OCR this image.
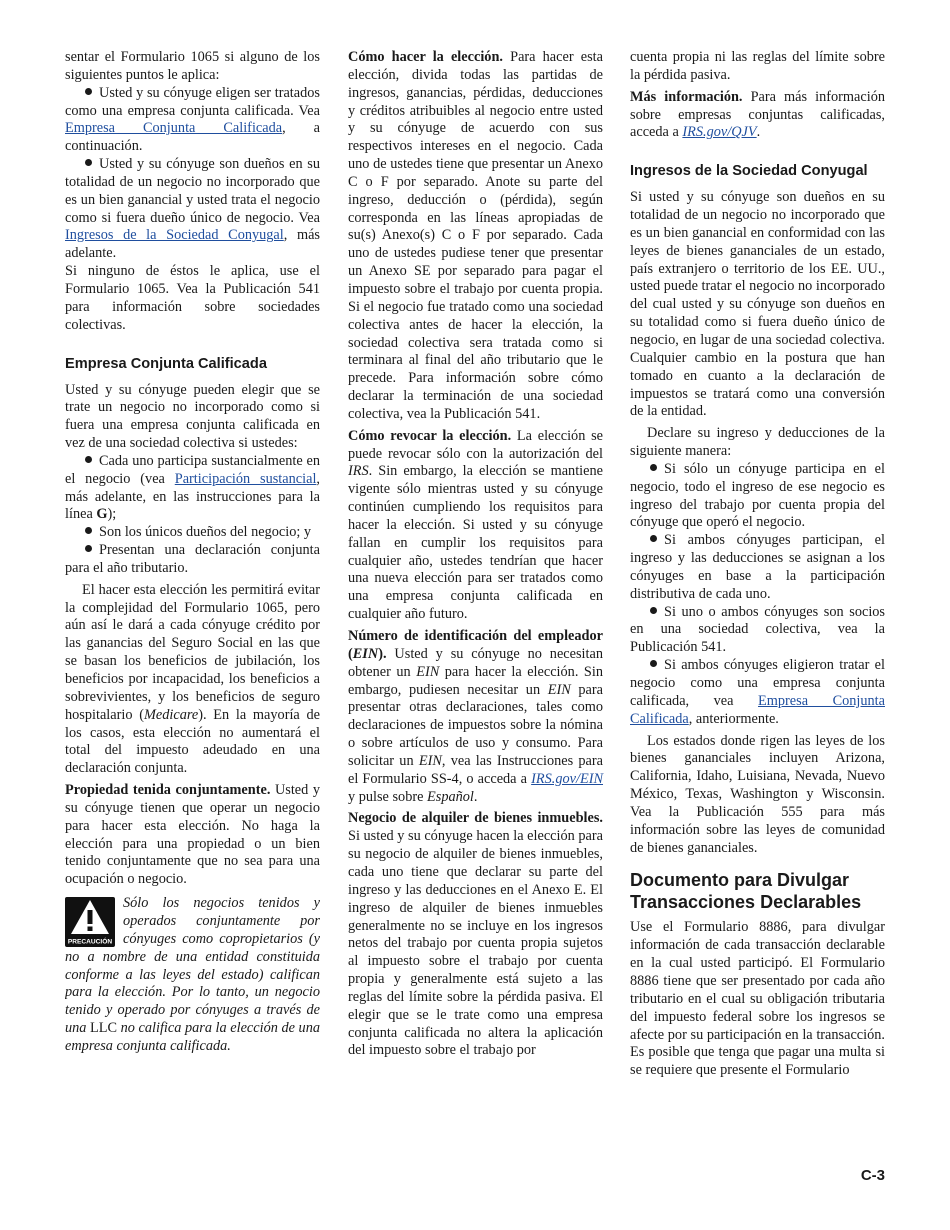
sentar el Formulario 1065 si alguno de los siguientes puntos le aplica:

Usted y su cónyuge eligen ser tratados como una empresa conjunta calificada. Vea Empresa Conjunta Calificada, a continuación.

Usted y su cónyuge son dueños en su totalidad de un negocio no incorporado que es un bien ganancial y usted trata el negocio como si fuera dueño único de negocio. Vea Ingresos de la Sociedad Conyugal, más adelante.

Si ninguno de éstos le aplica, use el Formulario 1065. Vea la Publicación 541 para información sobre sociedades colectivas.

Empresa Conjunta Calificada

Usted y su cónyuge pueden elegir que se trate un negocio no incorporado como si fuera una empresa conjunta calificada en vez de una sociedad colectiva si ustedes:

Cada uno participa sustancialmente en el negocio (vea Participación sustancial, más adelante, en las instrucciones para la línea G);

Son los únicos dueños del negocio; y

Presentan una declaración conjunta para el año tributario.

El hacer esta elección les permitirá evitar la complejidad del Formulario 1065, pero aún así le dará a cada cónyuge crédito por las ganancias del Seguro Social en las que se basan los beneficios de jubilación, los beneficios por incapacidad, los beneficios a sobrevivientes, y los beneficios de seguro hospitalario (Medicare). En la mayoría de los casos, esta elección no aumentará el total del impuesto adeudado en una declaración conjunta.

Propiedad tenida conjuntamente. Usted y su cónyuge tienen que operar un negocio para hacer esta elección. No haga la elección para una propiedad o un bien tenido conjuntamente que no sea para una ocupación o negocio.

PRECAUCIÓN
Sólo los negocios tenidos y operados conjuntamente por cónyuges como copropietarios (y no a nombre de una entidad constituida conforme a las leyes del estado) califican para la elección. Por lo tanto, un negocio tenido y operado por cónyuges a través de una LLC no califica para la elección de una empresa conjunta calificada.

Cómo hacer la elección. Para hacer esta elección, divida todas las partidas de ingresos, ganancias, pérdidas, deducciones y créditos atribuibles al negocio entre usted y su cónyuge de acuerdo con sus respectivos intereses en el negocio. Cada uno de ustedes tiene que presentar un Anexo C o F por separado. Anote su parte del ingreso, deducción o (pérdida), según corresponda en las líneas apropiadas de su(s) Anexo(s) C o F por separado. Cada uno de ustedes pudiese tener que presentar un Anexo SE por separado para pagar el impuesto sobre el trabajo por cuenta propia. Si el negocio fue tratado como una sociedad colectiva antes de hacer la elección, la sociedad colectiva sera tratada como si terminara al final del año tributario que le precede. Para información sobre cómo declarar la terminación de una sociedad colectiva, vea la Publicación 541.

Cómo revocar la elección. La elección se puede revocar sólo con la autorización del IRS. Sin embargo, la elección se mantiene vigente sólo mientras usted y su cónyuge continúen cumpliendo los requisitos para hacer la elección. Si usted y su cónyuge fallan en cumplir los requisitos para cualquier año, ustedes tendrían que hacer una nueva elección para ser tratados como una empresa conjunta calificada en cualquier año futuro.

Número de identificación del empleador (EIN). Usted y su cónyuge no necesitan obtener un EIN para hacer la elección. Sin embargo, pudiesen necesitar un EIN para presentar otras declaraciones, tales como declaraciones de impuestos sobre la nómina o sobre artículos de uso y consumo. Para solicitar un EIN, vea las Instrucciones para el Formulario SS-4, o acceda a IRS.gov/EIN y pulse sobre Español.

Negocio de alquiler de bienes inmuebles. Si usted y su cónyuge hacen la elección para su negocio de alquiler de bienes inmuebles, cada uno tiene que declarar su parte del ingreso y las deducciones en el Anexo E. El ingreso de alquiler de bienes inmuebles generalmente no se incluye en los ingresos netos del trabajo por cuenta propia sujetos al impuesto sobre el trabajo por cuenta propia y generalmente está sujeto a las reglas del límite sobre la pérdida pasiva. El elegir que se le trate como una empresa conjunta calificada no altera la aplicación del impuesto sobre el trabajo por

cuenta propia ni las reglas del límite sobre la pérdida pasiva.

Más información. Para más información sobre empresas conjuntas calificadas, acceda a IRS.gov/QJV.

Ingresos de la Sociedad Conyugal

Si usted y su cónyuge son dueños en su totalidad de un negocio no incorporado que es un bien ganancial en conformidad con las leyes de bienes gananciales de un estado, país extranjero o territorio de los EE. UU., usted puede tratar el negocio no incorporado del cual usted y su cónyuge son dueños en su totalidad como si fuera dueño único de negocio, en lugar de una sociedad colectiva. Cualquier cambio en la postura que han tomado en cuanto a la declaración de impuestos se tratará como una conversión de la entidad.

Declare su ingreso y deducciones de la siguiente manera:

Si sólo un cónyuge participa en el negocio, todo el ingreso de ese negocio es ingreso del trabajo por cuenta propia del cónyuge que operó el negocio.

Si ambos cónyuges participan, el ingreso y las deducciones se asignan a los cónyuges en base a la participación distributiva de cada uno.

Si uno o ambos cónyuges son socios en una sociedad colectiva, vea la Publicación 541.

Si ambos cónyuges eligieron tratar el negocio como una empresa conjunta calificada, vea Empresa Conjunta Calificada, anteriormente.

Los estados donde rigen las leyes de los bienes gananciales incluyen Arizona, California, Idaho, Luisiana, Nevada, Nuevo México, Texas, Washington y Wisconsin. Vea la Publicación 555 para más información sobre las leyes de comunidad de bienes gananciales.

Documento para Divulgar Transacciones Declarables

Use el Formulario 8886, para divulgar información de cada transacción declarable en la cual usted participó. El Formulario 8886 tiene que ser presentado por cada año tributario en el cual su obligación tributaria del impuesto federal sobre los ingresos se afecte por su participación en la transacción. Es posible que tenga que pagar una multa si se requiere que presente el Formulario

C-3
